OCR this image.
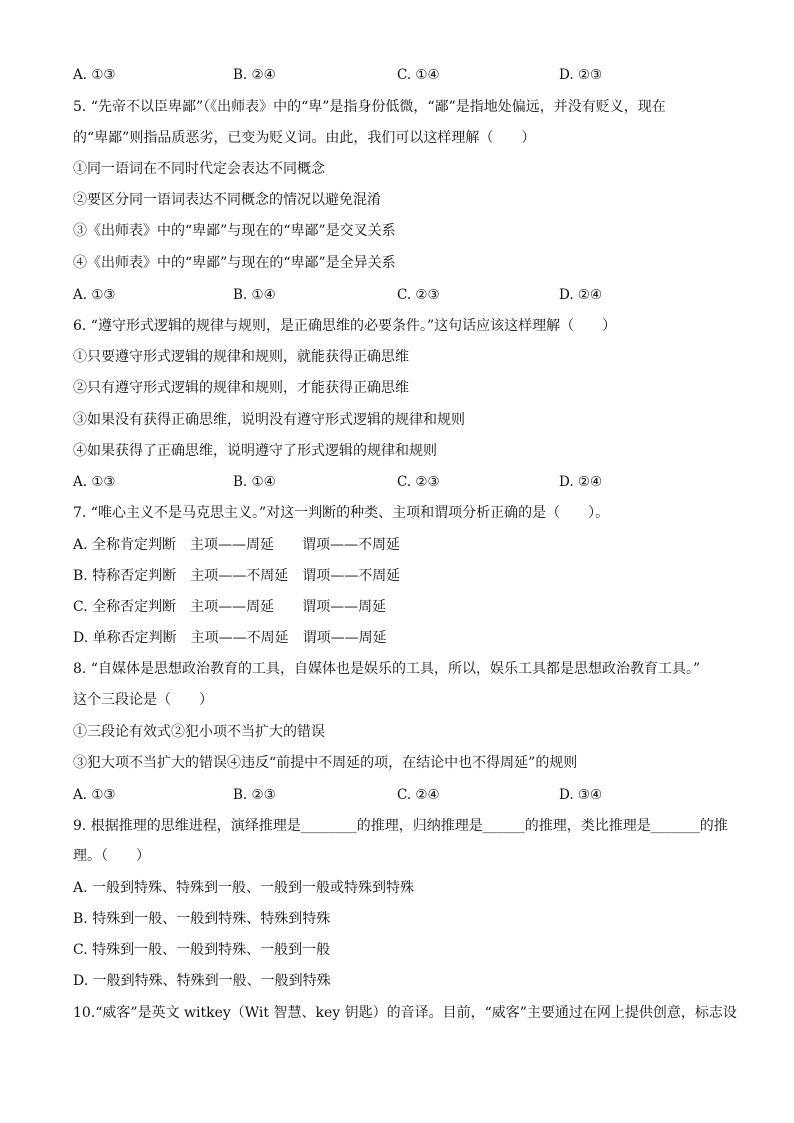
A. ①③	B. ②④	C. ①④	D. ②③
5. “先帝不以臣卑鄙”（《出师表》中的“卑”是指身份低微，“鄙”是指地处偏远，并没有贬义，现在
的“卑鄙”则指品质恶劣，已变为贬义词。由此，我们可以这样理解（　　）
①同一语词在不同时代定会表达不同概念
②要区分同一语词表达不同概念的情况以避免混淆
③《出师表》中的“卑鄙”与现在的“卑鄙”是交叉关系
④《出师表》中的“卑鄙”与现在的“卑鄙”是全异关系
A. ①③	B. ①④	C. ②③	D. ②④
6. “遵守形式逻辑的规律与规则，是正确思维的必要条件。”这句话应该这样理解（　　）
①只要遵守形式逻辑的规律和规则，就能获得正确思维
②只有遵守形式逻辑的规律和规则，才能获得正确思维
③如果没有获得正确思维，说明没有遵守形式逻辑的规律和规则
④如果获得了正确思维，说明遵守了形式逻辑的规律和规则
A. ①③	B. ①④	C. ②③	D. ②④
7. “唯心主义不是马克思主义。”对这一判断的种类、主项和谓项分析正确的是（　　）。
A. 全称肯定判断　主项——周延　　谓项——不周延
B. 特称否定判断　主项——不周延　谓项——不周延
C. 全称否定判断　主项——周延　　谓项——周延
D. 单称否定判断　主项——不周延　谓项——周延
8. “自媒体是思想政治教育的工具，自媒体也是娱乐的工具，所以，娱乐工具都是思想政治教育工具。”
这个三段论是（　　）
①三段论有效式②犯小项不当扩大的错误
③犯大项不当扩大的错误④违反“前提中不周延的项，在结论中也不得周延”的规则
A. ①③	B. ②③	C. ②④	D. ③④
9. 根据推理的思维进程，演绎推理是________的推理，归纳推理是______的推理，类比推理是_______的推
理。（　　）
A. 一般到特殊、特殊到一般、一般到一般或特殊到特殊
B. 特殊到一般、一般到特殊、特殊到特殊
C. 特殊到一般、一般到特殊、一般到一般
D. 一般到特殊、特殊到一般、一般到特殊
10.“威客”是英文 witkey（Wit 智慧、key 钥匙）的音译。目前，“威客”主要通过在网上提供创意，标志设
